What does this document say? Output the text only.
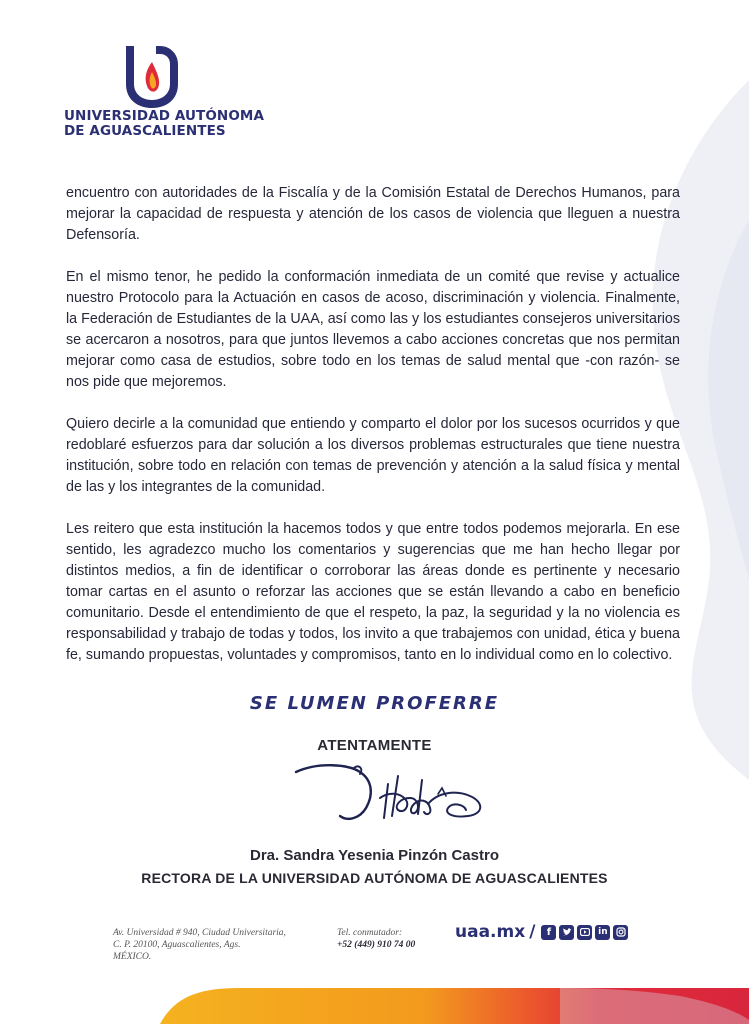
UNIVERSIDAD AUTÓNOMA
DE AGUASCALIENTES

encuentro con autoridades de la Fiscalía y de la Comisión Estatal de Derechos Humanos, para mejorar la capacidad de respuesta y atención de los casos de violencia que lleguen a nuestra Defensoría.

En el mismo tenor, he pedido la conformación inmediata de un comité que revise y actualice nuestro Protocolo para la Actuación en casos de acoso, discriminación y violencia. Finalmente, la Federación de Estudiantes de la UAA, así como las y los estudiantes consejeros universitarios se acercaron a nosotros, para que juntos llevemos a cabo acciones concretas que nos permitan mejorar como casa de estudios, sobre todo en los temas de salud mental que -con razón- se nos pide que mejoremos.

Quiero decirle a la comunidad que entiendo y comparto el dolor por los sucesos ocurridos y que redoblaré esfuerzos para dar solución a los diversos problemas estructurales que tiene nuestra institución, sobre todo en relación con temas de prevención y atención a la salud física y mental de las y los integrantes de la comunidad.

Les reitero que esta institución la hacemos todos y que entre todos podemos mejorarla. En ese sentido, les agradezco mucho los comentarios y sugerencias que me han hecho llegar por distintos medios, a fin de identificar o corroborar las áreas donde es pertinente y necesario tomar cartas en el asunto o reforzar las acciones que se están llevando a cabo en beneficio comunitario. Desde el entendimiento de que el respeto, la paz, la seguridad y la no violencia es responsabilidad y trabajo de todas y todos, los invito a que trabajemos con unidad, ética y buena fe, sumando propuestas, voluntades y compromisos, tanto en lo individual como en lo colectivo.

SE LUMEN PROFERRE
ATENTAMENTE
Dra. Sandra Yesenia Pinzón Castro
RECTORA DE LA UNIVERSIDAD AUTÓNOMA DE AGUASCALIENTES
Av. Universidad # 940, Ciudad Universitaria,
C. P. 20100, Aguascalientes, Ags.
MÉXICO.
Tel. conmutador:
+52 (449) 910 74 00
uaa.mx /	f	in
